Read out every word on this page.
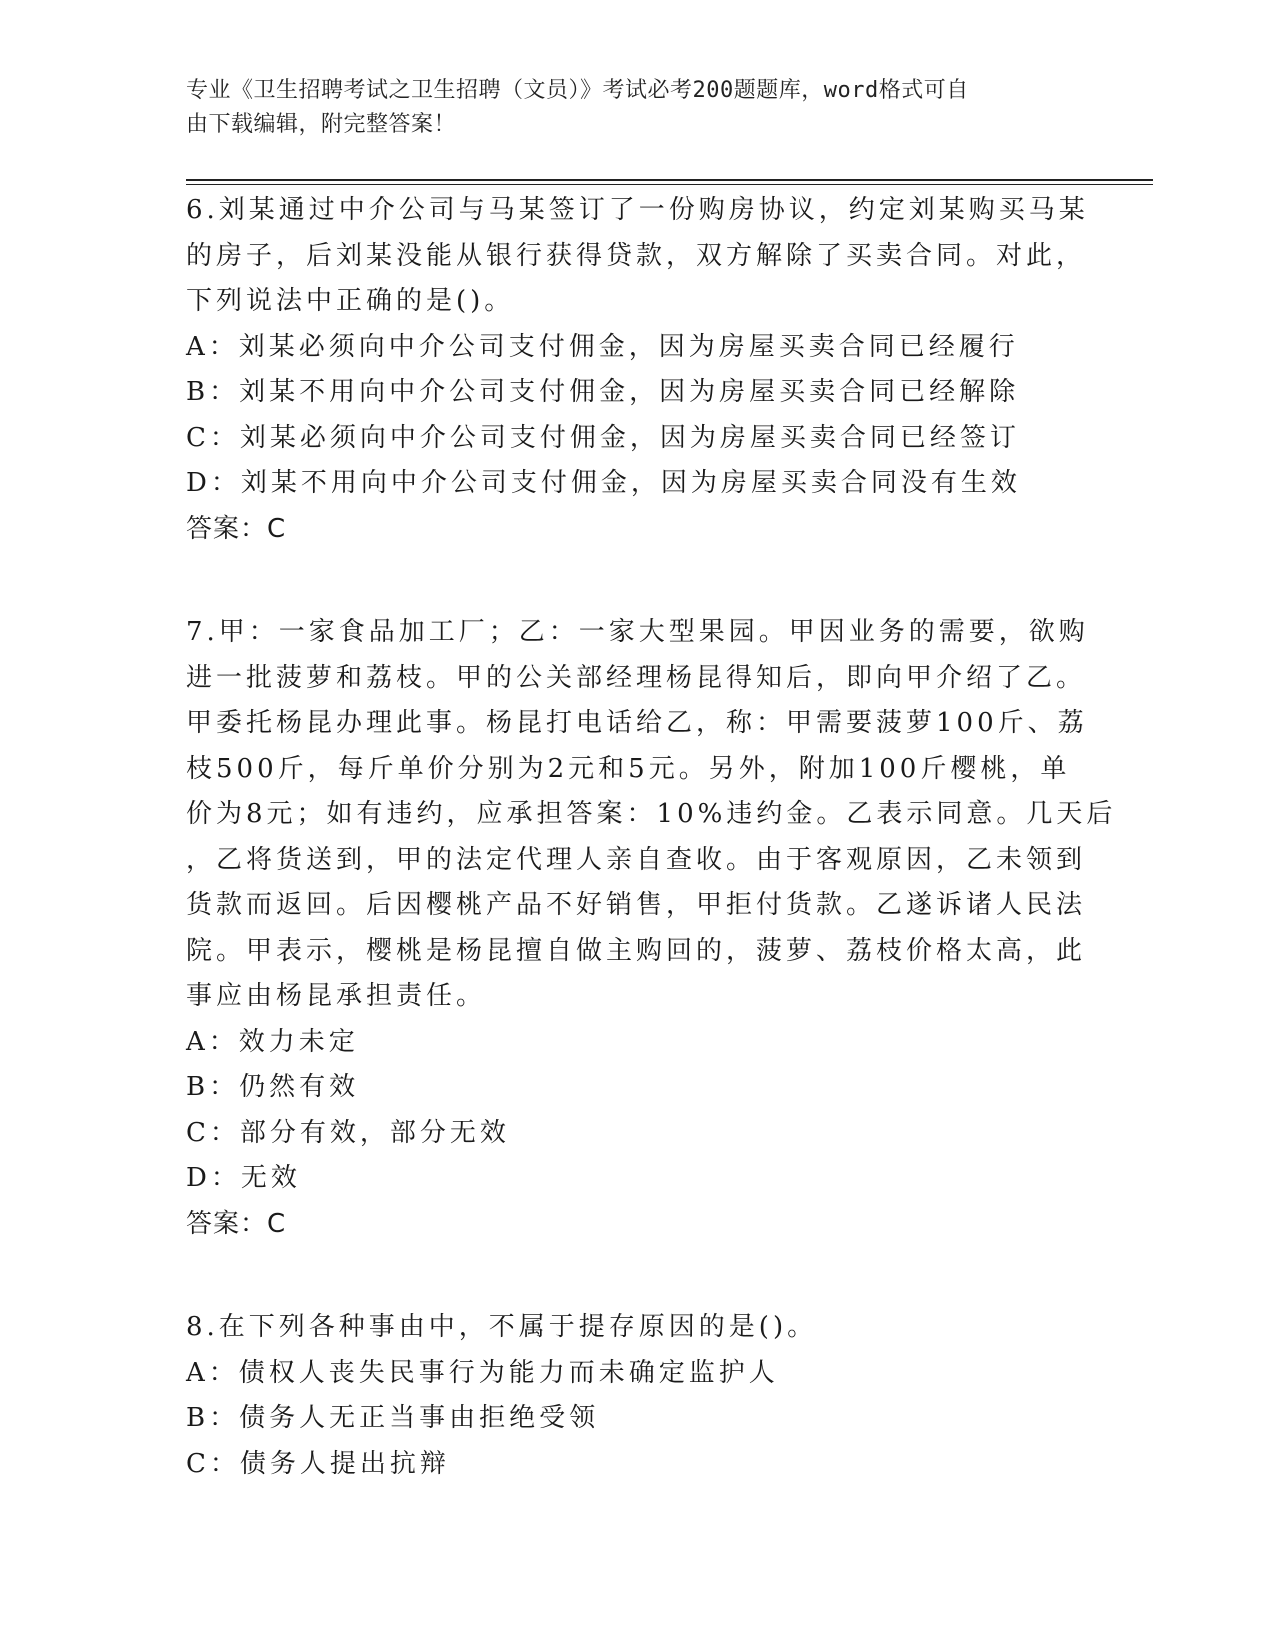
专业《卫生招聘考试之卫生招聘（文员）》考试必考200题题库，word格式可自
由下载编辑，附完整答案！
6.刘某通过中介公司与马某签订了一份购房协议，约定刘某购买马某
的房子，后刘某没能从银行获得贷款，双方解除了买卖合同。对此，
下列说法中正确的是()。
A：刘某必须向中介公司支付佣金，因为房屋买卖合同已经履行
B：刘某不用向中介公司支付佣金，因为房屋买卖合同已经解除
C：刘某必须向中介公司支付佣金，因为房屋买卖合同已经签订
D：刘某不用向中介公司支付佣金，因为房屋买卖合同没有生效
答案：C
7.甲：一家食品加工厂；乙：一家大型果园。甲因业务的需要，欲购
进一批菠萝和荔枝。甲的公关部经理杨昆得知后，即向甲介绍了乙。
甲委托杨昆办理此事。杨昆打电话给乙，称：甲需要菠萝100斤、荔
枝500斤，每斤单价分别为2元和5元。另外，附加100斤樱桃，单
价为8元；如有违约，应承担答案：10%违约金。乙表示同意。几天后
，乙将货送到，甲的法定代理人亲自查收。由于客观原因，乙未领到
货款而返回。后因樱桃产品不好销售，甲拒付货款。乙遂诉诸人民法
院。甲表示，樱桃是杨昆擅自做主购回的，菠萝、荔枝价格太高，此
事应由杨昆承担责任。
A：效力未定
B：仍然有效
C：部分有效，部分无效
D：无效
答案：C
8.在下列各种事由中，不属于提存原因的是()。
A：债权人丧失民事行为能力而未确定监护人
B：债务人无正当事由拒绝受领
C：债务人提出抗辩
